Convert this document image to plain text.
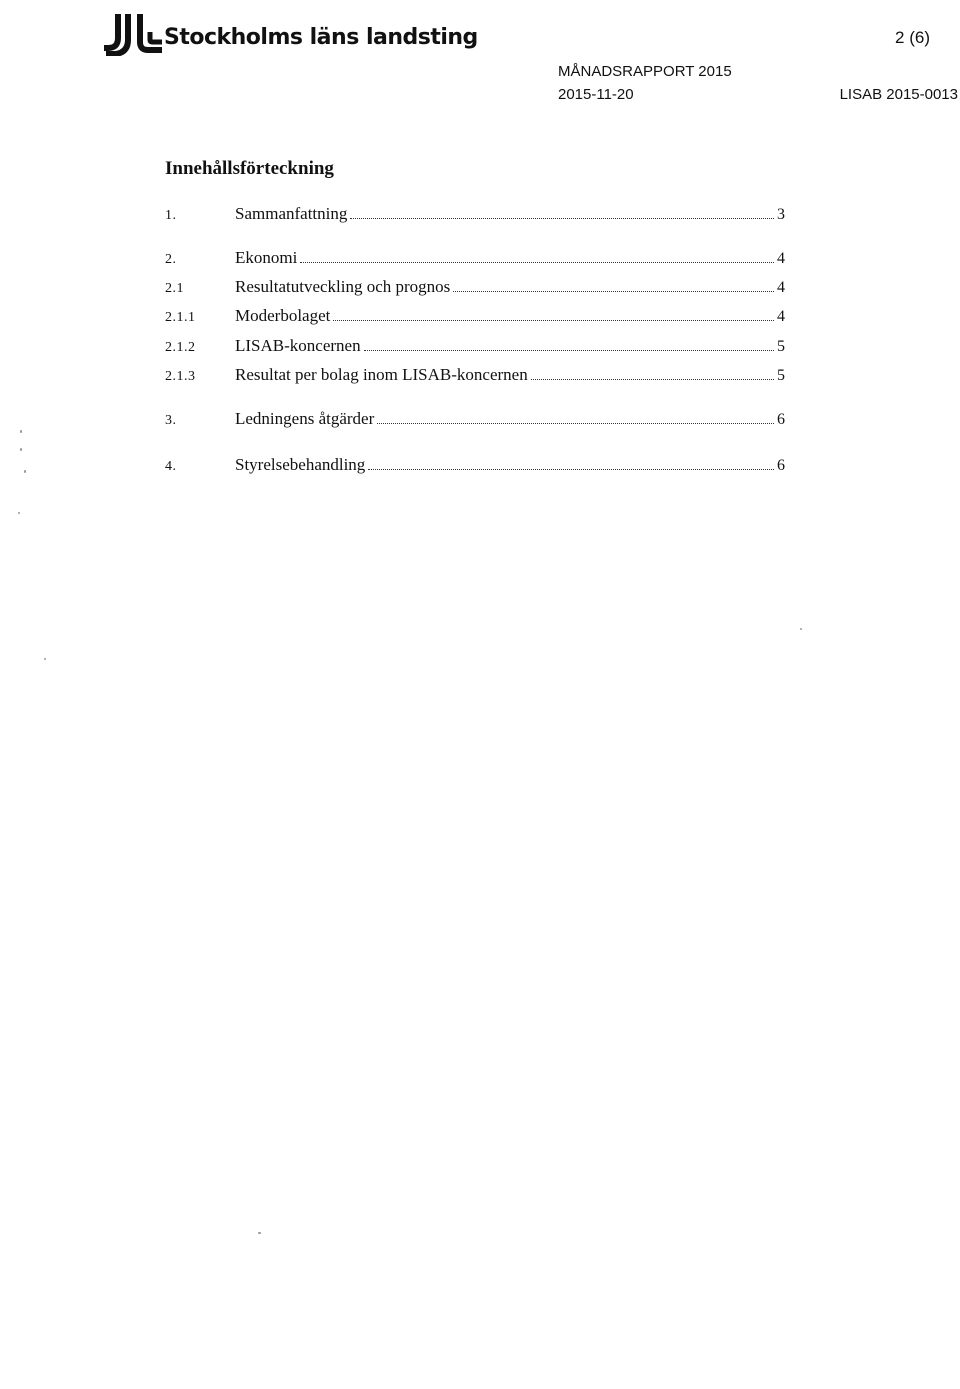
Stockholms läns landsting	2 (6)
MÅNADSRAPPORT 2015
2015-11-20	LISAB 2015-0013
Innehållsförteckning
1.	Sammanfattning	3
2.	Ekonomi	4
2.1	Resultatutveckling och prognos	4
2.1.1	Moderbolaget	4
2.1.2	LISAB-koncernen	5
2.1.3	Resultat per bolag inom LISAB-koncernen	5
3.	Ledningens åtgärder	6
4.	Styrelsebehandling	6
